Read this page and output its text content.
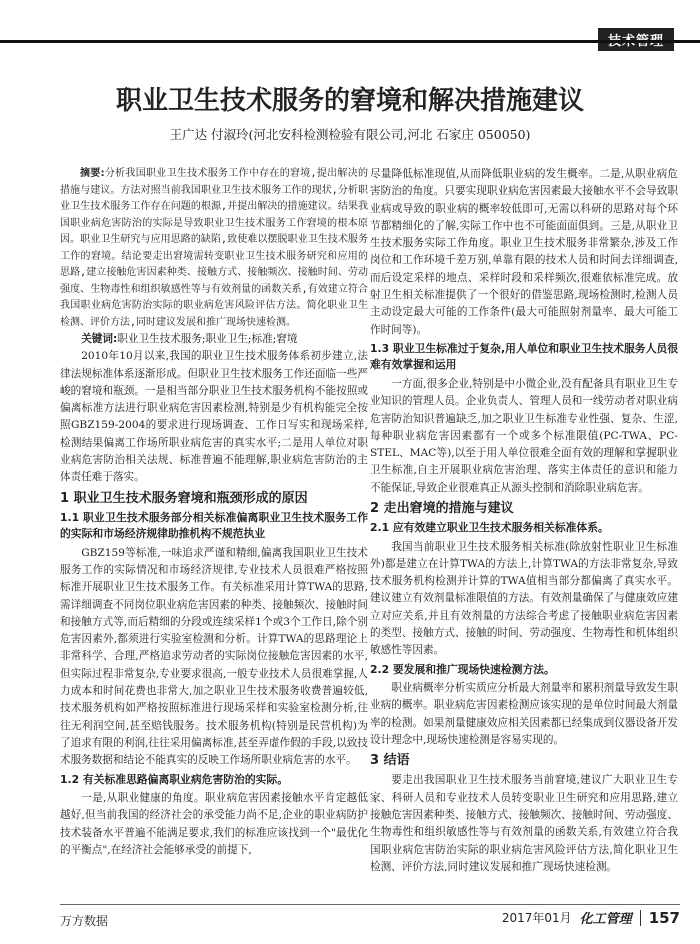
职业卫生技术服务的窘境和解决措施建议
王广达 付淑玲(河北安科检测检验有限公司,河北 石家庄 050050)

摘要:分析我国职业卫生技术服务工作中存在的窘境,提出解决的措施与建议。方法对照当前我国职业卫生技术服务工作的现状,分析职业卫生技术服务工作存在问题的根源,并提出解决的措施建议。结果我国职业病危害防治的实际是导致职业卫生技术服务工作窘境的根本原因。职业卫生研究与应用思路的缺陷,致使难以摆脱职业卫生技术服务工作的窘境。结论要走出窘境需转变职业卫生技术服务研究和应用的思路,建立接触危害因素种类、接触方式、接触频次、接触时间、劳动强度、生物毒性和组织敏感性等与有效剂量的函数关系,有效建立符合我国职业病危害防治实际的职业病危害风险评估方法。简化职业卫生检测、评价方法,同时建议发展和推广现场快速检测。

关键词:职业卫生技术服务;职业卫生;标准;窘境

2010年10月以来,我国的职业卫生技术服务体系初步建立,法律法规标准体系逐渐形成。但职业卫生技术服务工作还面临一些严峻的窘境和瓶颈。一是相当部分职业卫生技术服务机构不能按照或偏离标准方法进行职业病危害因素检测,特别是少有机构能完全按照GBZ159-2004的要求进行现场调查、工作日写实和现场采样,检测结果偏离工作场所职业病危害的真实水平;二是用人单位对职业病危害防治相关法规、标准普遍不能理解,职业病危害防治的主体责任难于落实。

1 职业卫生技术服务窘境和瓶颈形成的原因
1.1 职业卫生技术服务部分相关标准偏离职业卫生技术服务工作的实际和市场经济规律助推机构不规范执业

GBZ159等标准,一味追求严谨和精细,偏离我国职业卫生技术服务工作的实际情况和市场经济规律,专业技术人员很难严格按照标准开展职业卫生技术服务工作。有关标准采用计算TWA的思路,需详细调查不同岗位职业病危害因素的种类、接触频次、接触时间和接触方式等,而后精细的分段或连续采样1个或3个工作日,除个别危害因素外,都须进行实验室检测和分析。计算TWA的思路理论上非常科学、合理,严格追求劳动者的实际岗位接触危害因素的水平,但实际过程非常复杂,专业要求很高,一般专业技术人员很难掌握,人力成本和时间花费也非常大,加之职业卫生技术服务收费普遍较低,技术服务机构如严格按照标准进行现场采样和实验室检测分析,往往无利润空间,甚至赔钱服务。技术服务机构(特别是民营机构)为了追求有限的利润,往往采用偏离标准,甚至弄虚作假的手段,以致技术服务数据和结论不能真实的反映工作场所职业病危害的水平。

1.2 有关标准思路偏离职业病危害防治的实际。

一是,从职业健康的角度。职业病危害因素接触水平肯定越低越好,但当前我国的经济社会的承受能力尚不足,企业的职业病防护技术装备水平普遍不能满足要求,我们的标准应该找到一个"最优化的平衡点",在经济社会能够承受的前提下,

尽量降低标准现值,从而降低职业病的发生概率。二是,从职业病危害防治的角度。只要实现职业病危害因素最大接触水平不会导致职业病或导致的职业病的概率较低即可,无需以科研的思路对每个环节都精细化的了解,实际工作中也不可能面面俱到。三是,从职业卫生技术服务实际工作角度。职业卫生技术服务非常繁杂,涉及工作岗位和工作环境千差万别,单靠有限的技术人员和时间去详细调查,而后设定采样的地点、采样时段和采样频次,很难依标准完成。放射卫生相关标准提供了一个很好的借鉴思路,现场检测时,检测人员主动设定最大可能的工作条件(最大可能照射剂量率、最大可能工作时间等)。

1.3 职业卫生标准过于复杂,用人单位和职业卫生技术服务人员很难有效掌握和运用

一方面,很多企业,特别是中小微企业,没有配备具有职业卫生专业知识的管理人员。企业负责人、管理人员和一线劳动者对职业病危害防治知识普遍缺乏,加之职业卫生标准专业性强、复杂、生涩,每种职业病危害因素都有一个或多个标准限值(PC-TWA、PC-STEL、MAC等),以至于用人单位很难全面有效的理解和掌握职业卫生标准,自主开展职业病危害治理、落实主体责任的意识和能力不能保证,导致企业很难真正从源头控制和消除职业病危害。

2 走出窘境的措施与建议
2.1 应有效建立职业卫生技术服务相关标准体系。

我国当前职业卫生技术服务相关标准(除放射性职业卫生标准外)都是建立在计算TWA的方法上,计算TWA的方法非常复杂,导致技术服务机构检测并计算的TWA值相当部分都偏离了真实水平。建议建立有效剂量标准限值的方法。有效剂量确保了与健康效应建立对应关系,并且有效剂量的方法综合考虑了接触职业病危害因素的类型、接触方式、接触的时间、劳动强度、生物毒性和机体组织敏感性等因素。

2.2 要发展和推广现场快速检测方法。

职业病概率分析实质应分析最大剂量率和累积剂量导致发生职业病的概率。职业病危害因素检测应该实现的是单位时间最大剂量率的检测。如果剂量健康效应相关因素都已经集成到仪器设备开发设计理念中,现场快速检测是容易实现的。

3 结语

要走出我国职业卫生技术服务当前窘境,建议广大职业卫生专家、科研人员和专业技术人员转变职业卫生研究和应用思路,建立接触危害因素种类、接触方式、接触频次、接触时间、劳动强度、生物毒性和组织敏感性等与有效剂量的函数关系,有效建立符合我国职业病危害防治实际的职业病危害风险评估方法,简化职业卫生检测、评价方法,同时建议发展和推广现场快速检测。

万方数据	2017年01月 化工管理 157
